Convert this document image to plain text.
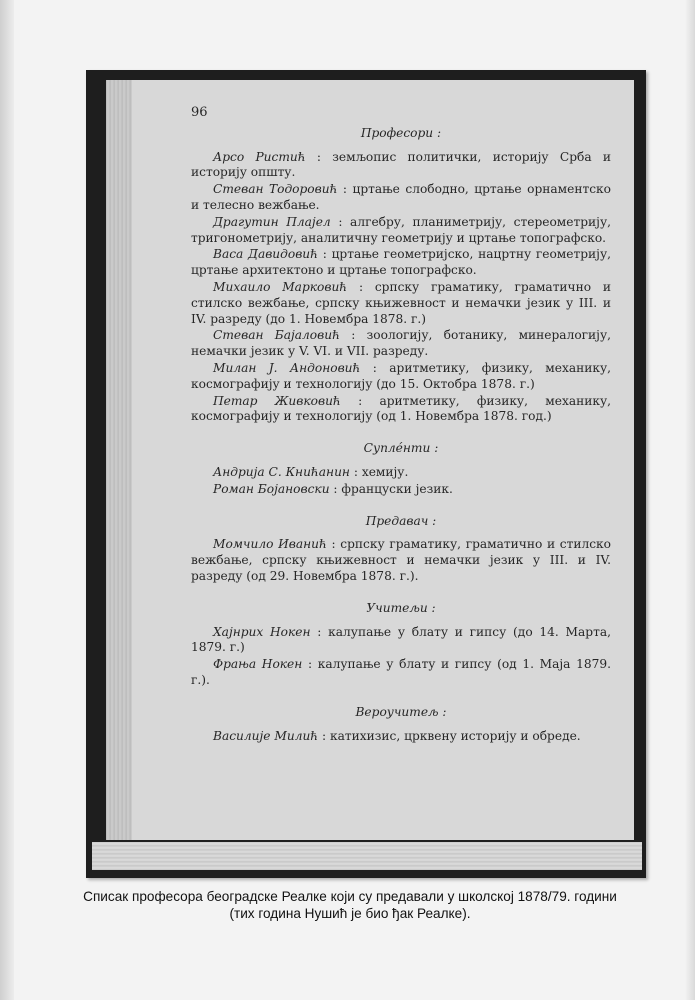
96
Професори :
Арсо Ристић : земљопис политички, историју Срба и историју општу.
Стеван Тодоровић : цртање слободно, цртање орнаментско и телесно вежбање.
Драгутин Плајел : алгебру, планиметрију, стереометрију, тригонометрију, аналитичну геометрију и цртање топографско.
Васа Давидовић : цртање геометријско, нацртну геометрију, цртање архитектоно и цртање топографско.
Михаило Марковић : српску граматику, граматично и стилско вежбање, српску књижевност и немачки језик у III. и IV. разреду (до 1. Новембра 1878. г.)
Стеван Бајаловић : зоологију, ботанику, минералогију, немачки језик у V. VI. и VII. разреду.
Милан Ј. Андоновић : аритметику, физику, механику, космографију и технологију (до 15. Октобра 1878. г.)
Петар Живковић : аритметику, физику, механику, космографију и технологију (од 1. Новембра 1878. год.)
Суплéнти :
Андрија С. Книћанин : хемију.
Роман Бојановски : француски језик.
Предавач :
Момчило Иванић : српску граматику, граматично и стилско вежбање, српску књижевност и немачки језик у III. и IV. разреду (од 29. Новембра 1878. г.).
Учитељи :
Хајнрих Нокен : калупање у блату и гипсу (до 14. Марта, 1879. г.)
Фрања Нокен : калупање у блату и гипсу (од 1. Маја 1879. г.).
Вероучитељ :
Василије Милић : катихизис, црквену историју и обреде.
Списак професора београдске Реалке који су предавали у школској 1878/79. години
(тих година Нушић је био ђак Реалке).
